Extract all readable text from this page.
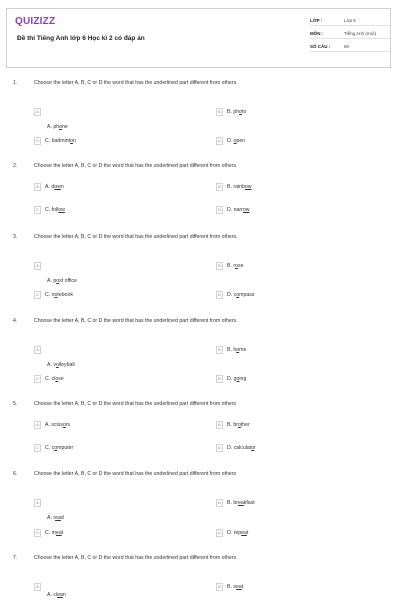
QUIZIZZ
Đề thi Tiếng Anh lớp 6 Học kì 2 có đáp án
LỚP :	Lớp 6
MÔN :	Tiếng Anh (mới)
SỐ CÂU :	60
1.	Choose the letter A, B, C or D the word that has the underlined part different from others.
A
A. phone
B	B. photo
C	C. badminton	D	D. open
2.	Choose the letter A, B, C or D the word that has the underlined part different from others.
A	A. down	B	B. rainbow
C	C. follow	D	D. narrow
3.	Choose the letter A, B, C or D the word that has the underlined part different from others.
A
A. post office
B	B. rose
C	C. notebook	D	D. compass
4.	Choose the letter A, B, C or D the word that has the underlined part different from others.
A
A. volleyball
B	B. home
C	C. close	D	D. going
5.	Choose the letter A, B, C or D the word that has the underlined part different from others
A	A. scissors	B	B. brother
C	C. computer	D	D. calculator
6.	Choose the letter A, B, C or D the word that has the underlined part different from others
A
A. read
B	B. breakfast
C	C. meat	D	D. repeat
7.	Choose the letter A, B, C or D the word that has the underlined part different from others
A
A. clean
B	B. seat
